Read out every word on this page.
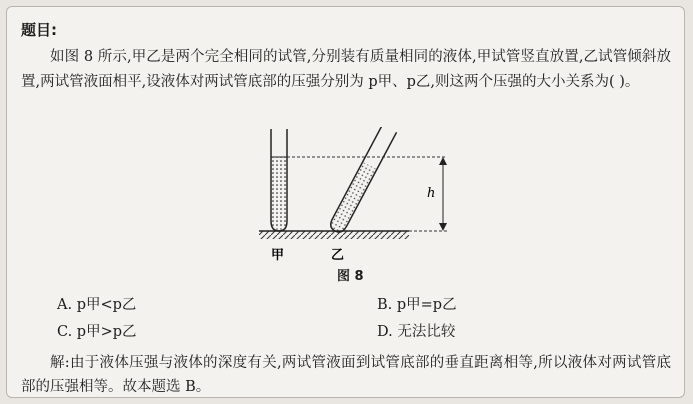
题目:
如图 8 所示,甲乙是两个完全相同的试管,分别装有质量相同的液体,甲试管竖直放置,乙试管倾斜放置,两试管液面相平,设液体对两试管底部的压强分别为 p甲、p乙,则这两个压强的大小关系为( )。
h
甲	乙
图 8
A. p甲<p乙	B. p甲=p乙
C. p甲>p乙	D. 无法比较
解:由于液体压强与液体的深度有关,两试管液面到试管底部的垂直距离相等,所以液体对两试管底部的压强相等。故本题选 B。
